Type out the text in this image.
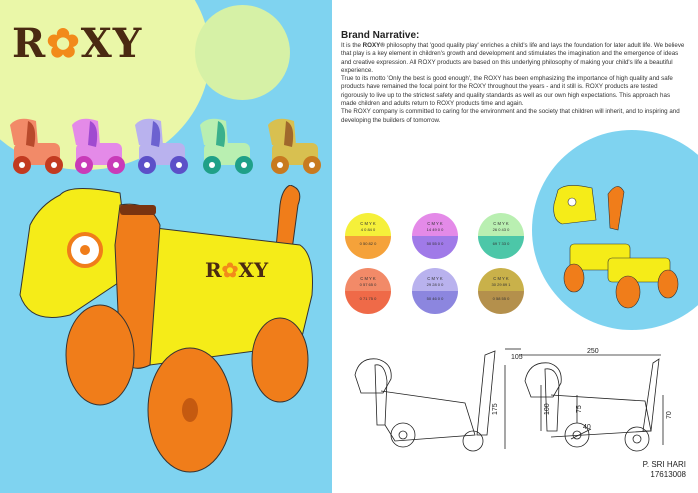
R✿XY
R✿XY
Brand Narrative:

It is the ROXY® philosophy that 'good quality play' enriches a child's life and lays the foundation for later adult life. We believe that play is a key element in children's growth and development and stimulates the imagination and the emergence of ideas and creative expression. All ROXY products are based on this underlying philosophy of making your child's life a beautiful experience.

True to its motto 'Only the best is good enough', the ROXY has been emphasizing the importance of high quality and safe products have remained the focal point for the ROXY throughout the years - and it still is. ROXY products are tested rigorously to live up to the strictest safety and quality standards as well as our own high expectations. This approach has made children and adults return to ROXY products time and again.

The ROXY company is committed to caring for the environment and the society that children will inherit, and to inspiring and developing the builders of tomorrow.

C M Y K
4 0 84 0
0 50 82 0
C M Y K
14 49 0 0
50 55 0 0
C M Y K
26 0 43 0
69 7 33 0
C M Y K
0 57 65 0
0 71 75 0
C M Y K
29 28 0 0
50 46 0 0
C M Y K
30 29 89 1
0 58 55 0
105
250
175	75
100
40
70
P. SRI HARI
17613008
